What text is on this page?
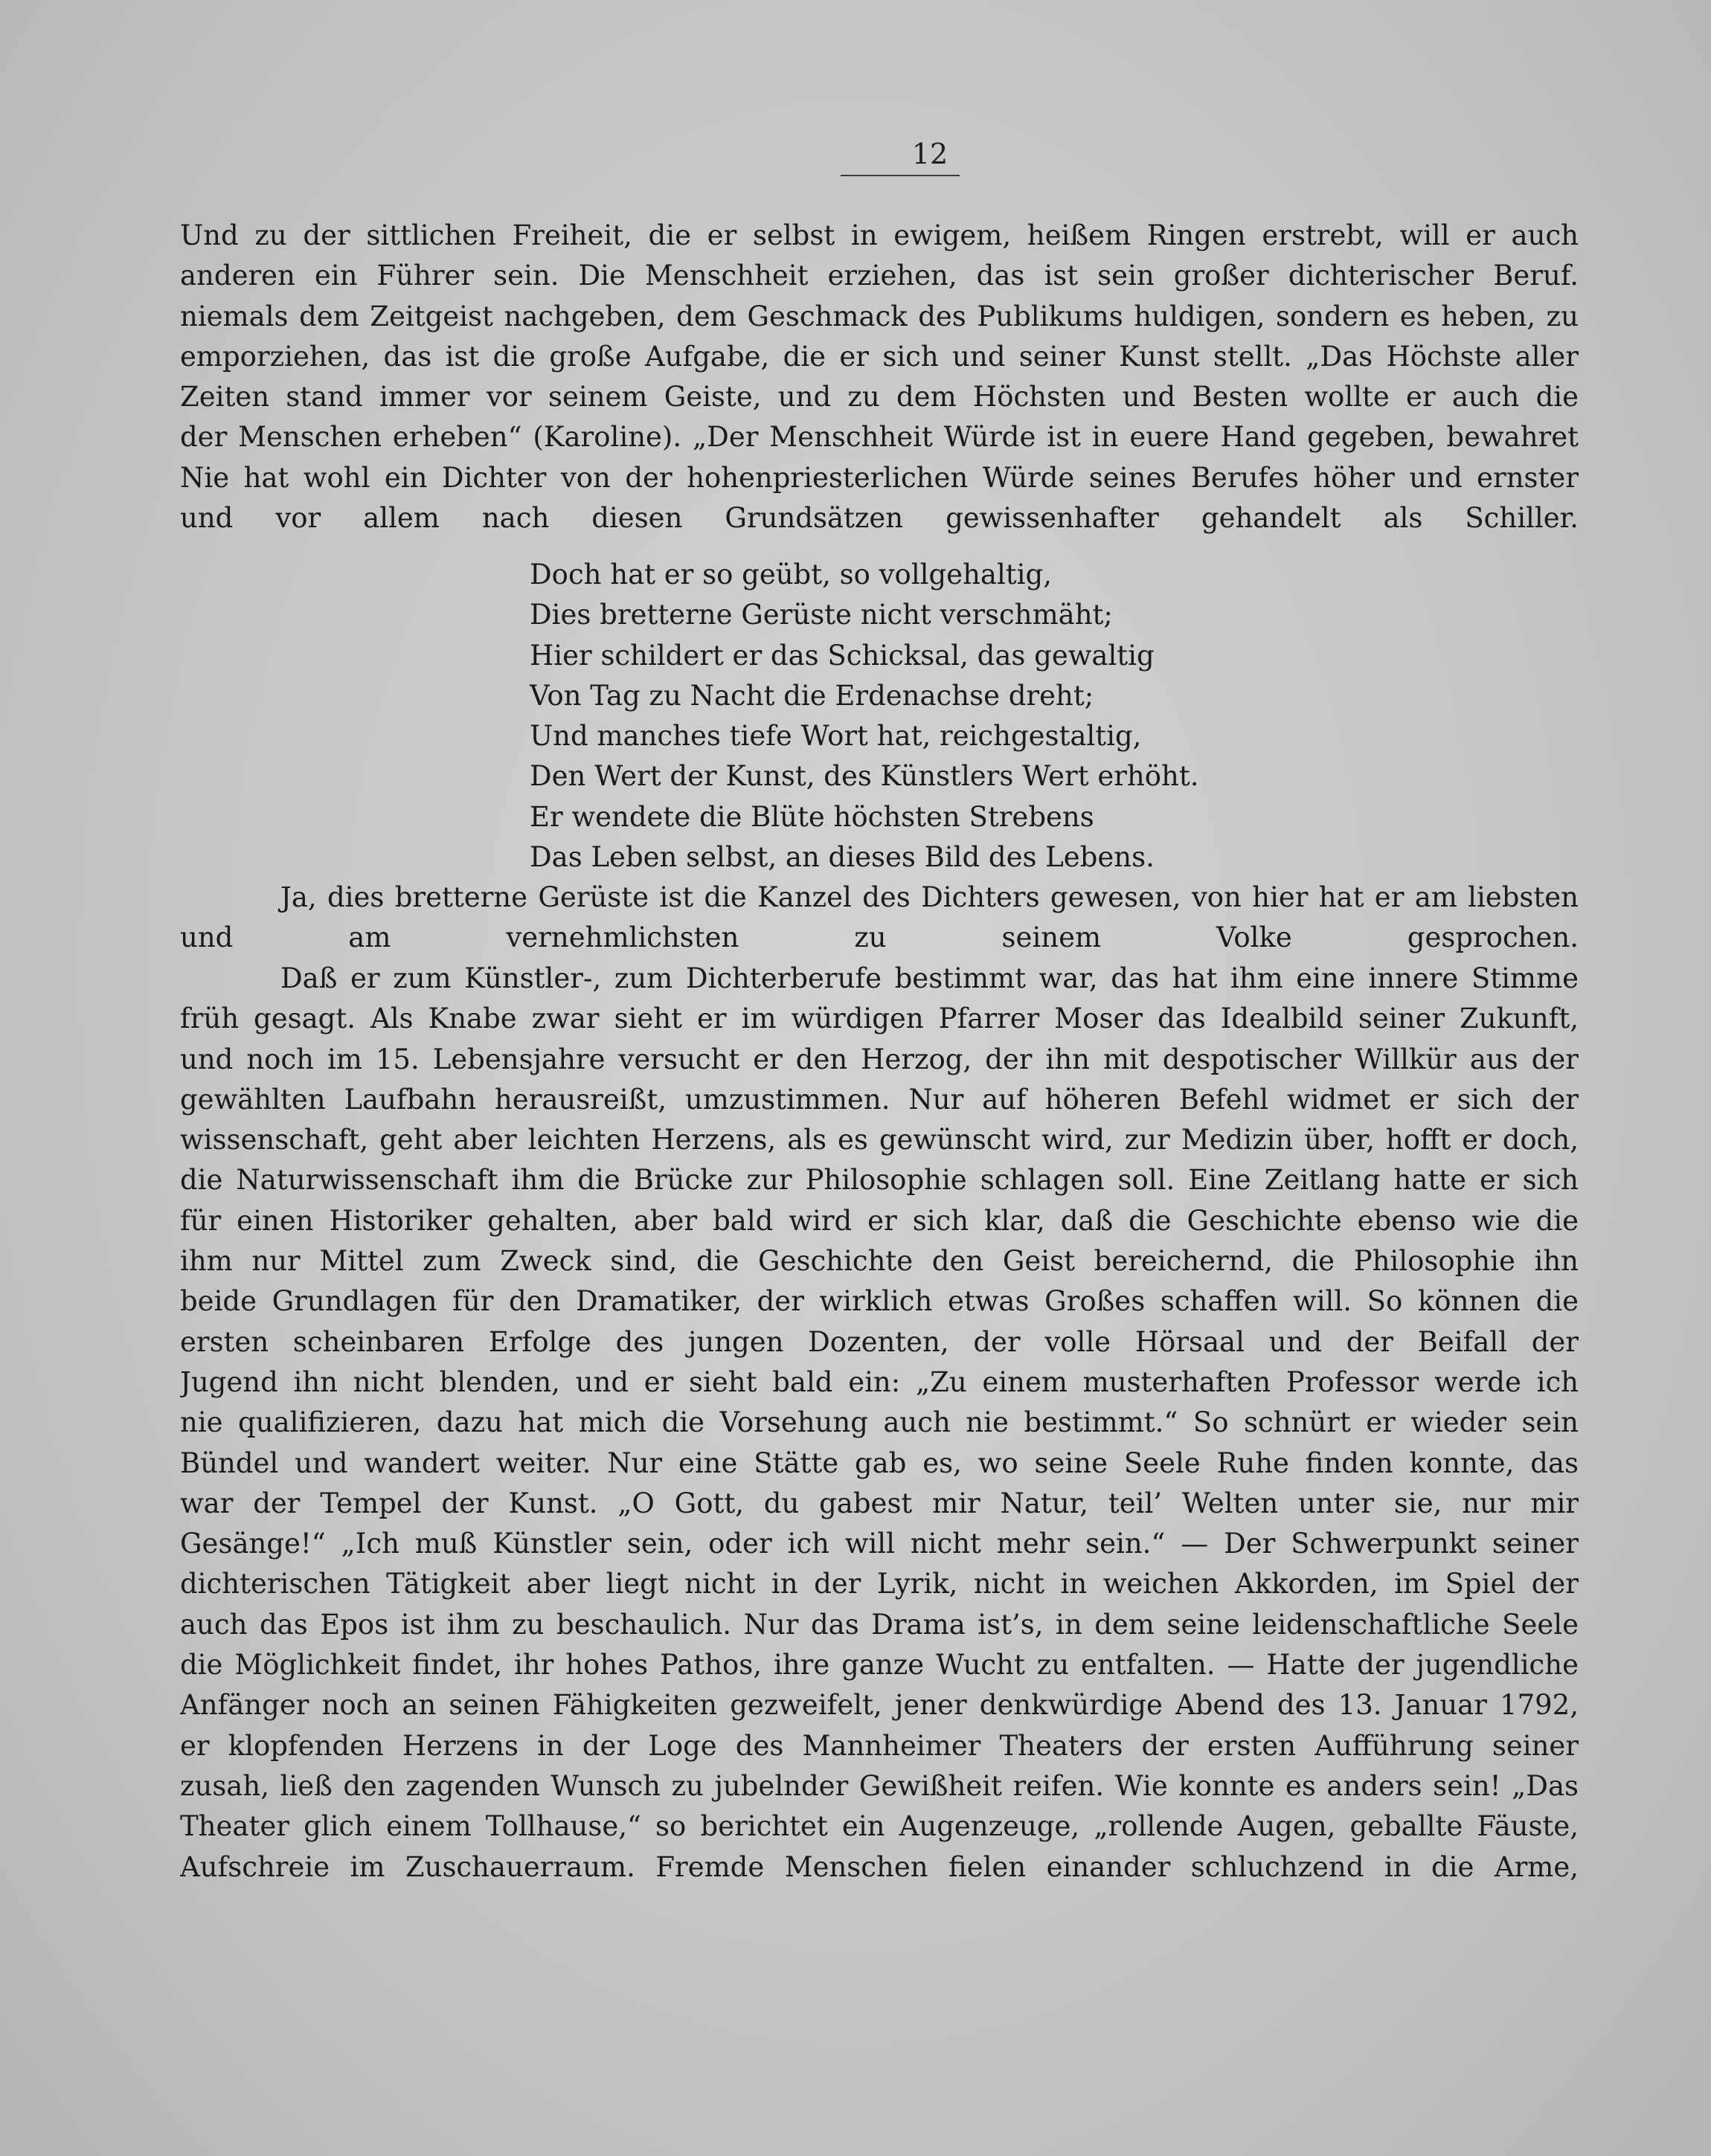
12
Und zu der sittlichen Freiheit, die er selbst in ewigem, heißem Ringen erstrebt, will er auch
anderen ein Führer sein. Die Menschheit erziehen, das ist sein großer dichterischer Beruf.
niemals dem Zeitgeist nachgeben, dem Geschmack des Publikums huldigen, sondern es heben, zu
emporziehen, das ist die große Aufgabe, die er sich und seiner Kunst stellt. „Das Höchste aller
Zeiten stand immer vor seinem Geiste, und zu dem Höchsten und Besten wollte er auch die
der Menschen erheben“ (Karoline). „Der Menschheit Würde ist in euere Hand gegeben, bewahret
Nie hat wohl ein Dichter von der hohenpriesterlichen Würde seines Berufes höher und ernster
und vor allem nach diesen Grundsätzen gewissenhafter gehandelt als Schiller.
Doch hat er so geübt, so vollgehaltig,
Dies bretterne Gerüste nicht verschmäht;
Hier schildert er das Schicksal, das gewaltig
Von Tag zu Nacht die Erdenachse dreht;
Und manches tiefe Wort hat, reichgestaltig,
Den Wert der Kunst, des Künstlers Wert erhöht.
Er wendete die Blüte höchsten Strebens
Das Leben selbst, an dieses Bild des Lebens.
Ja, dies bretterne Gerüste ist die Kanzel des Dichters gewesen, von hier hat er am liebsten
und am vernehmlichsten zu seinem Volke gesprochen.
Daß er zum Künstler-, zum Dichterberufe bestimmt war, das hat ihm eine innere Stimme
früh gesagt. Als Knabe zwar sieht er im würdigen Pfarrer Moser das Idealbild seiner Zukunft,
und noch im 15. Lebensjahre versucht er den Herzog, der ihn mit despotischer Willkür aus der
gewählten Laufbahn herausreißt, umzustimmen. Nur auf höheren Befehl widmet er sich der
wissenschaft, geht aber leichten Herzens, als es gewünscht wird, zur Medizin über, hofft er doch,
die Naturwissenschaft ihm die Brücke zur Philosophie schlagen soll. Eine Zeitlang hatte er sich
für einen Historiker gehalten, aber bald wird er sich klar, daß die Geschichte ebenso wie die
ihm nur Mittel zum Zweck sind, die Geschichte den Geist bereichernd, die Philosophie ihn
beide Grundlagen für den Dramatiker, der wirklich etwas Großes schaffen will. So können die
ersten scheinbaren Erfolge des jungen Dozenten, der volle Hörsaal und der Beifall der
Jugend ihn nicht blenden, und er sieht bald ein: „Zu einem musterhaften Professor werde ich
nie qualifizieren, dazu hat mich die Vorsehung auch nie bestimmt.“ So schnürt er wieder sein
Bündel und wandert weiter. Nur eine Stätte gab es, wo seine Seele Ruhe finden konnte, das
war der Tempel der Kunst. „O Gott, du gabest mir Natur, teil’ Welten unter sie, nur mir
Gesänge!“ „Ich muß Künstler sein, oder ich will nicht mehr sein.“ — Der Schwerpunkt seiner
dichterischen Tätigkeit aber liegt nicht in der Lyrik, nicht in weichen Akkorden, im Spiel der
auch das Epos ist ihm zu beschaulich. Nur das Drama ist’s, in dem seine leidenschaftliche Seele
die Möglichkeit findet, ihr hohes Pathos, ihre ganze Wucht zu entfalten. — Hatte der jugendliche
Anfänger noch an seinen Fähigkeiten gezweifelt, jener denkwürdige Abend des 13. Januar 1792,
er klopfenden Herzens in der Loge des Mannheimer Theaters der ersten Aufführung seiner
zusah, ließ den zagenden Wunsch zu jubelnder Gewißheit reifen. Wie konnte es anders sein! „Das
Theater glich einem Tollhause,“ so berichtet ein Augenzeuge, „rollende Augen, geballte Fäuste,
Aufschreie im Zuschauerraum. Fremde Menschen fielen einander schluchzend in die Arme,
